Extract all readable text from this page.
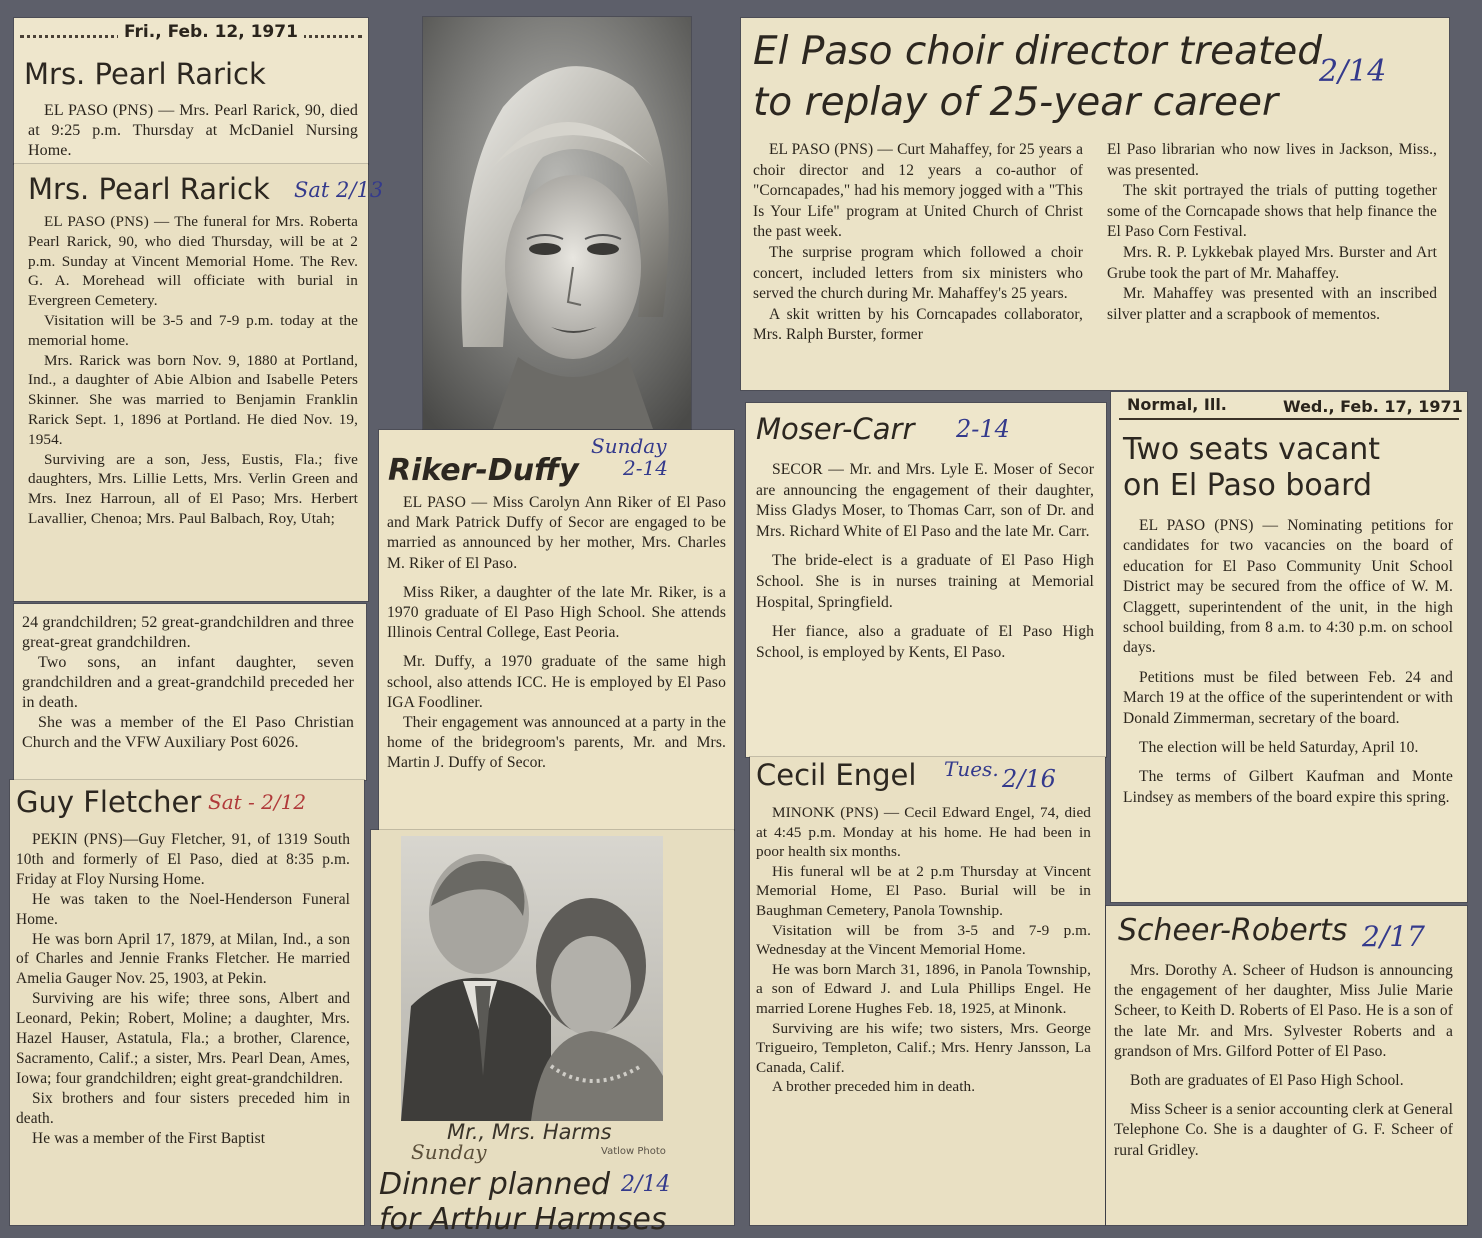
Fri., Feb. 12, 1971
Mrs. Pearl Rarick

EL PASO (PNS) — Mrs. Pearl Rarick, 90, died at 9:25 p.m. Thursday at McDaniel Nursing Home.

Mrs. Pearl Rarick Sat 2/13

EL PASO (PNS) — The funeral for Mrs. Roberta Pearl Rarick, 90, who died Thursday, will be at 2 p.m. Sunday at Vincent Memorial Home. The Rev. G. A. Morehead will officiate with burial in Evergreen Cemetery.

Visitation will be 3-5 and 7-9 p.m. today at the memorial home.

Mrs. Rarick was born Nov. 9, 1880 at Portland, Ind., a daughter of Abie Albion and Isabelle Peters Skinner. She was married to Benjamin Franklin Rarick Sept. 1, 1896 at Portland. He died Nov. 19, 1954.

Surviving are a son, Jess, Eustis, Fla.; five daughters, Mrs. Lillie Letts, Mrs. Verlin Green and Mrs. Inez Harroun, all of El Paso; Mrs. Herbert Lavallier, Chenoa; Mrs. Paul Balbach, Roy, Utah;

24 grandchildren; 52 great-grandchildren and three great-great grandchildren.

Two sons, an infant daughter, seven grandchildren and a great-grandchild preceded her in death.

She was a member of the El Paso Christian Church and the VFW Auxiliary Post 6026.

Guy Fletcher Sat - 2/12

PEKIN (PNS)—Guy Fletcher, 91, of 1319 South 10th and formerly of El Paso, died at 8:35 p.m. Friday at Floy Nursing Home.

He was taken to the Noel-Henderson Funeral Home.

He was born April 17, 1879, at Milan, Ind., a son of Charles and Jennie Franks Fletcher. He married Amelia Gauger Nov. 25, 1903, at Pekin.

Surviving are his wife; three sons, Albert and Leonard, Pekin; Robert, Moline; a daughter, Mrs. Hazel Hauser, Astatula, Fla.; a brother, Clarence, Sacramento, Calif.; a sister, Mrs. Pearl Dean, Ames, Iowa; four grandchildren; eight great-grandchildren.

Six brothers and four sisters preceded him in death.

He was a member of the First Baptist

Riker-Duffy
Sunday
2-14

EL PASO — Miss Carolyn Ann Riker of El Paso and Mark Patrick Duffy of Secor are engaged to be married as announced by her mother, Mrs. Charles M. Riker of El Paso.

Miss Riker, a daughter of the late Mr. Riker, is a 1970 graduate of El Paso High School. She attends Illinois Central College, East Peoria.

Mr. Duffy, a 1970 graduate of the same high school, also attends ICC. He is employed by El Paso IGA Foodliner.

Their engagement was announced at a party in the home of the bridegroom's parents, Mr. and Mrs. Martin J. Duffy of Secor.

Mr., Mrs. Harms
Vatlow Photo
Sunday
Dinner planned 2/14
for Arthur Harmses
El Paso choir director treated
to replay of 25-year career
2/14

EL PASO (PNS) — Curt Mahaffey, for 25 years a choir director and 12 years a co-author of "Corncapades," had his memory jogged with a "This Is Your Life" program at United Church of Christ the past week.

The surprise program which followed a choir concert, included letters from six ministers who served the church during Mr. Mahaffey's 25 years.

A skit written by his Corncapades collaborator, Mrs. Ralph Burster, former

El Paso librarian who now lives in Jackson, Miss., was presented.

The skit portrayed the trials of putting together some of the Corncapade shows that help finance the El Paso Corn Festival.

Mrs. R. P. Lykkebak played Mrs. Burster and Art Grube took the part of Mr. Mahaffey.

Mr. Mahaffey was presented with an inscribed silver platter and a scrapbook of mementos.

Moser-Carr 2-14

SECOR — Mr. and Mrs. Lyle E. Moser of Secor are announcing the engagement of their daughter, Miss Gladys Moser, to Thomas Carr, son of Dr. and Mrs. Richard White of El Paso and the late Mr. Carr.

The bride-elect is a graduate of El Paso High School. She is in nurses training at Memorial Hospital, Springfield.

Her fiance, also a graduate of El Paso High School, is employed by Kents, El Paso.

Cecil Engel Tues. 2/16

MINONK (PNS) — Cecil Edward Engel, 74, died at 4:45 p.m. Monday at his home. He had been in poor health six months.

His funeral wll be at 2 p.m Thursday at Vincent Memorial Home, El Paso. Burial will be in Baughman Cemetery, Panola Township.

Visitation will be from 3-5 and 7-9 p.m. Wednesday at the Vincent Memorial Home.

He was born March 31, 1896, in Panola Township, a son of Edward J. and Lula Phillips Engel. He married Lorene Hughes Feb. 18, 1925, at Minonk.

Surviving are his wife; two sisters, Mrs. George Trigueiro, Templeton, Calif.; Mrs. Henry Jansson, La Canada, Calif.

A brother preceded him in death.

Normal, Ill.	Wed., Feb. 17, 1971
Two seats vacant
on El Paso board

EL PASO (PNS) — Nominating petitions for candidates for two vacancies on the board of education for El Paso Community Unit School District may be secured from the office of W. M. Claggett, superintendent of the unit, in the high school building, from 8 a.m. to 4:30 p.m. on school days.

Petitions must be filed between Feb. 24 and March 19 at the office of the superintendent or with Donald Zimmerman, secretary of the board.

The election will be held Saturday, April 10.

The terms of Gilbert Kaufman and Monte Lindsey as members of the board expire this spring.

Scheer-Roberts 2/17

Mrs. Dorothy A. Scheer of Hudson is announcing the engagement of her daughter, Miss Julie Marie Scheer, to Keith D. Roberts of El Paso. He is a son of the late Mr. and Mrs. Sylvester Roberts and a grandson of Mrs. Gilford Potter of El Paso.

Both are graduates of El Paso High School.

Miss Scheer is a senior accounting clerk at General Telephone Co. She is a daughter of G. F. Scheer of rural Gridley.
